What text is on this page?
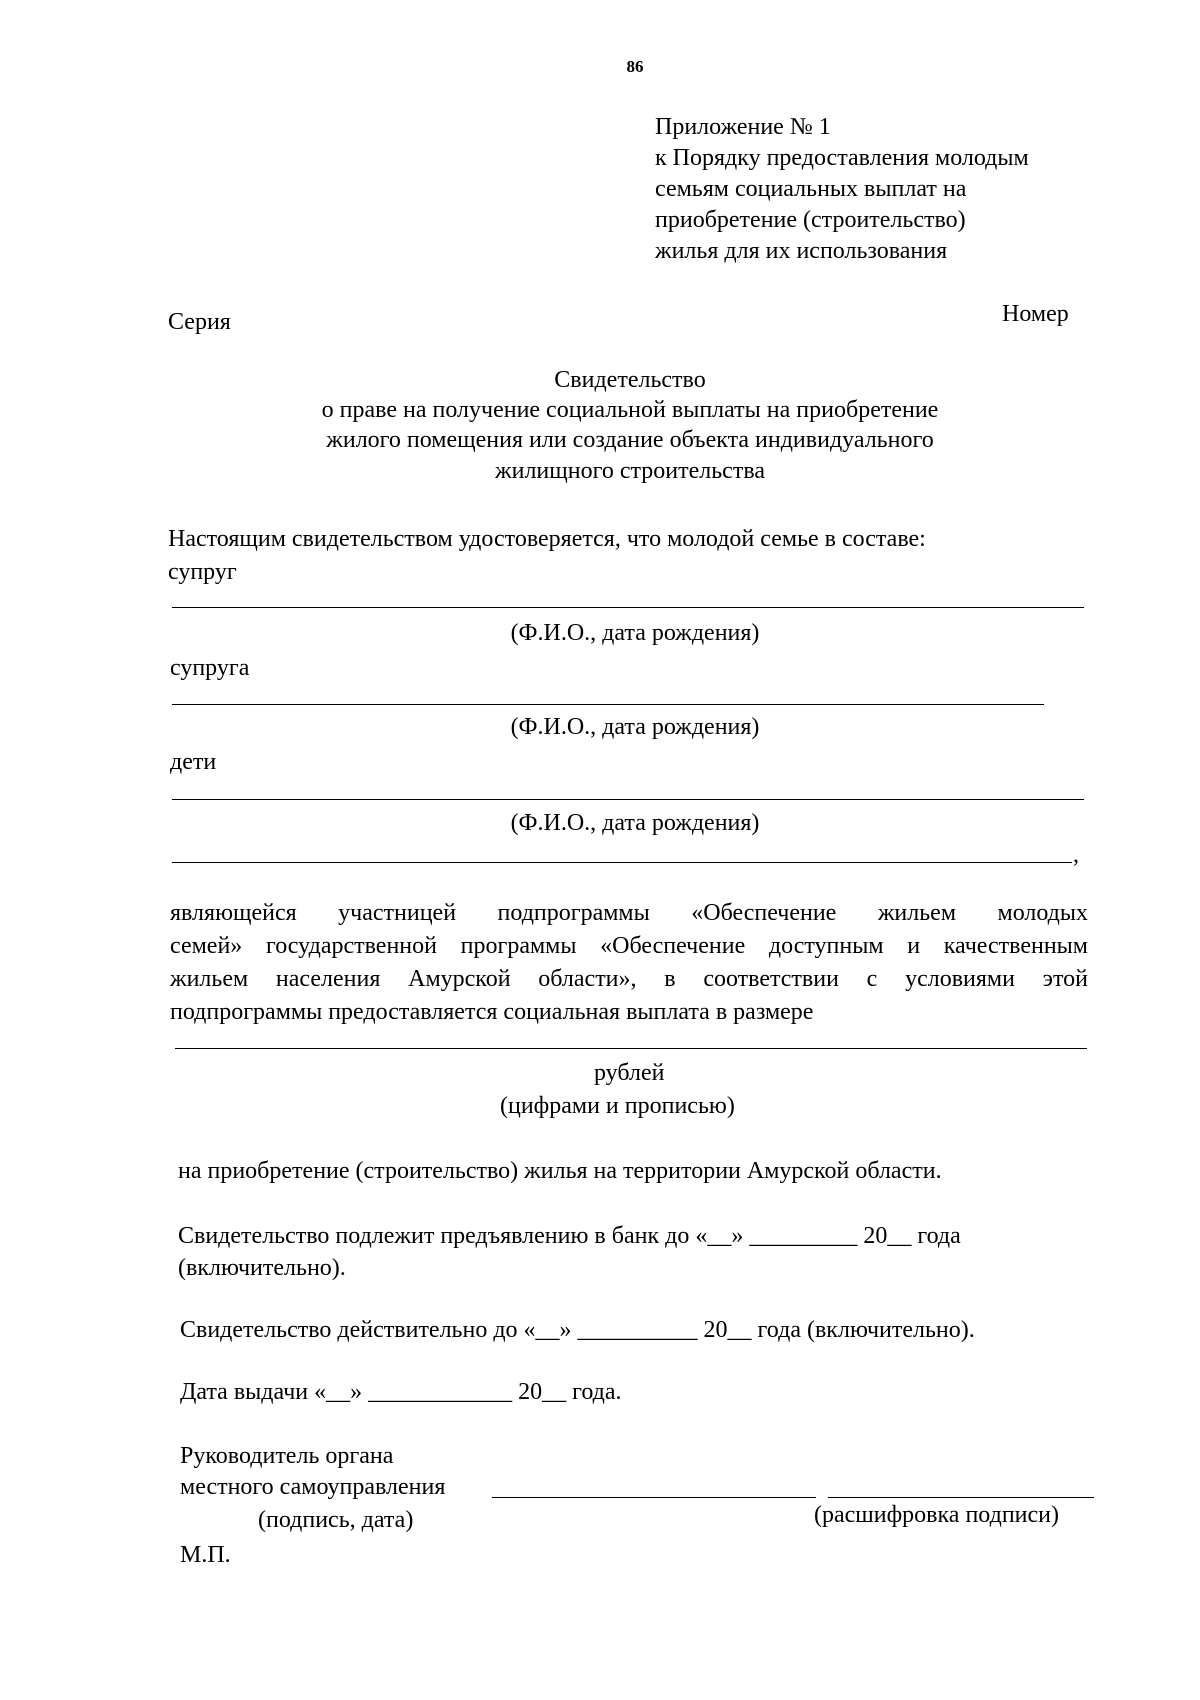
86
Приложение № 1
к Порядку предоставления молодым
семьям социальных выплат на
приобретение (строительство)
жилья для их использования
Серия	Номер
Свидетельство
о праве на получение социальной выплаты на приобретение
жилого помещения или создание объекта индивидуального
жилищного строительства
Настоящим свидетельством удостоверяется, что молодой семье в составе:
супруг
(Ф.И.О., дата рождения)
супруга
(Ф.И.О., дата рождения)
дети
(Ф.И.О., дата рождения)
,
являющейся участницей подпрограммы «Обеспечение жильем молодых
семей» государственной программы «Обеспечение доступным и качественным
жильем населения Амурской области», в соответствии с условиями этой
подпрограммы предоставляется социальная выплата в размере
рублей
(цифрами и прописью)
на приобретение (строительство) жилья на территории Амурской области.
Свидетельство подлежит предъявлению в банк до «__» _________ 20__ года
(включительно).
Свидетельство действительно до «__» __________ 20__ года (включительно).
Дата выдачи «__» ____________ 20__ года.
Руководитель органа
местного самоуправления
(подпись, дата)	(расшифровка подписи)
М.П.
